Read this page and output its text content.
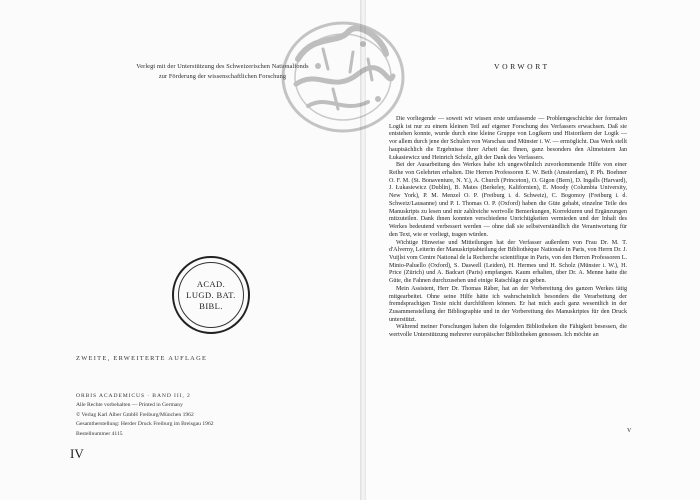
Verlegt mit der Unterstützung des Schweizerischen Nationalfonds
zur Förderung der wissenschaftlichen Forschung
ACAD.
LUGD. BAT.
BIBL.
ZWEITE, ERWEITERTE AUFLAGE
ORBIS ACADEMICUS · BAND III, 2
Alle Rechte vorbehalten — Printed in Germany
© Verlag Karl Alber GmbH Freiburg/München 1962
Gesamtherstellung: Herder Druck Freiburg im Breisgau 1962
Bestellnummer 4115
IV
VORWORT

Die vorliegende — soweit wir wissen erste umfassende — Problemgeschichte der formalen Logik ist nur zu einem kleinen Teil auf eigener Forschung des Verfassers erwachsen. Daß sie entstehen konnte, wurde durch eine kleine Gruppe von Logikern und Historikern der Logik — vor allem durch jene der Schulen von Warschau und Münster i. W. — ermöglicht. Das Werk stellt hauptsächlich die Ergebnisse ihrer Arbeit dar. Ihnen, ganz besonders den Altmeistern Jan Łukasiewicz und Heinrich Scholz, gilt der Dank des Verfassers.

Bei der Ausarbeitung des Werkes habe ich ungewöhnlich zuvorkommende Hilfe von einer Reihe von Gelehrten erhalten. Die Herren Professoren E. W. Beth (Amsterdam), P. Ph. Boehner O. F. M. (St. Bonaventure, N. Y.), A. Church (Princeton), O. Gigon (Bern), D. Ingalls (Harvard), J. Łukasiewicz (Dublin), B. Mates (Berkeley, Kalifornien), E. Moody (Columbia University, New York), P. M. Menzel O. P. (Freiburg i. d. Schweiz), C. Bogomoy (Freiburg i. d. Schweiz/Lausanne) und P. I. Thomas O. P. (Oxford) haben die Güte gehabt, einzelne Teile des Manuskripts zu lesen und mir zahlreiche wertvolle Bemerkungen, Korrekturen und Ergänzungen mitzuteilen. Dank ihnen konnten verschiedene Unrichtigkeiten vermieden und der Inhalt des Werkes bedeutend verbessert werden — ohne daß sie selbstverständlich die Verantwortung für den Text, wie er vorliegt, tragen würden.

Wichtige Hinweise und Mitteilungen hat der Verfasser außerdem von Frau Dr. M. T. d'Alverny, Leiterin der Manuskriptabteilung der Bibliothèque Nationale in Paris, von Herrn Dr. J. Vuijlst vom Centre National de la Recherche scientifique in Paris, von den Herren Professoren L. Minio-Paluello (Oxford), S. Daswell (Leiden), H. Hermes und H. Scholz (Münster i. W.), H. Price (Zürich) und A. Badcart (Paris) empfangen. Kaum erhalten, über Dr. A. Menne hatte die Güte, die Fahnen durchzusehen und einige Ratschläge zu geben.

Mein Assistent, Herr Dr. Thomas Räber, hat an der Vorbereitung des ganzen Werkes tätig mitgearbeitet. Ohne seine Hilfe hätte ich wahrscheinlich besonders die Verarbeitung der fremdsprachigen Texte nicht durchführen können. Er hat mich auch ganz wesentlich in der Zusammenstellung der Bibliographie und in der Vorbereitung des Manuskriptes für den Druck unterstützt.

Während meiner Forschungen haben die folgenden Bibliotheken die Fähigkeit besessen, die wertvolle Unterstützung mehrerer europäischer Bibliotheken genossen. Ich möchte an

V
